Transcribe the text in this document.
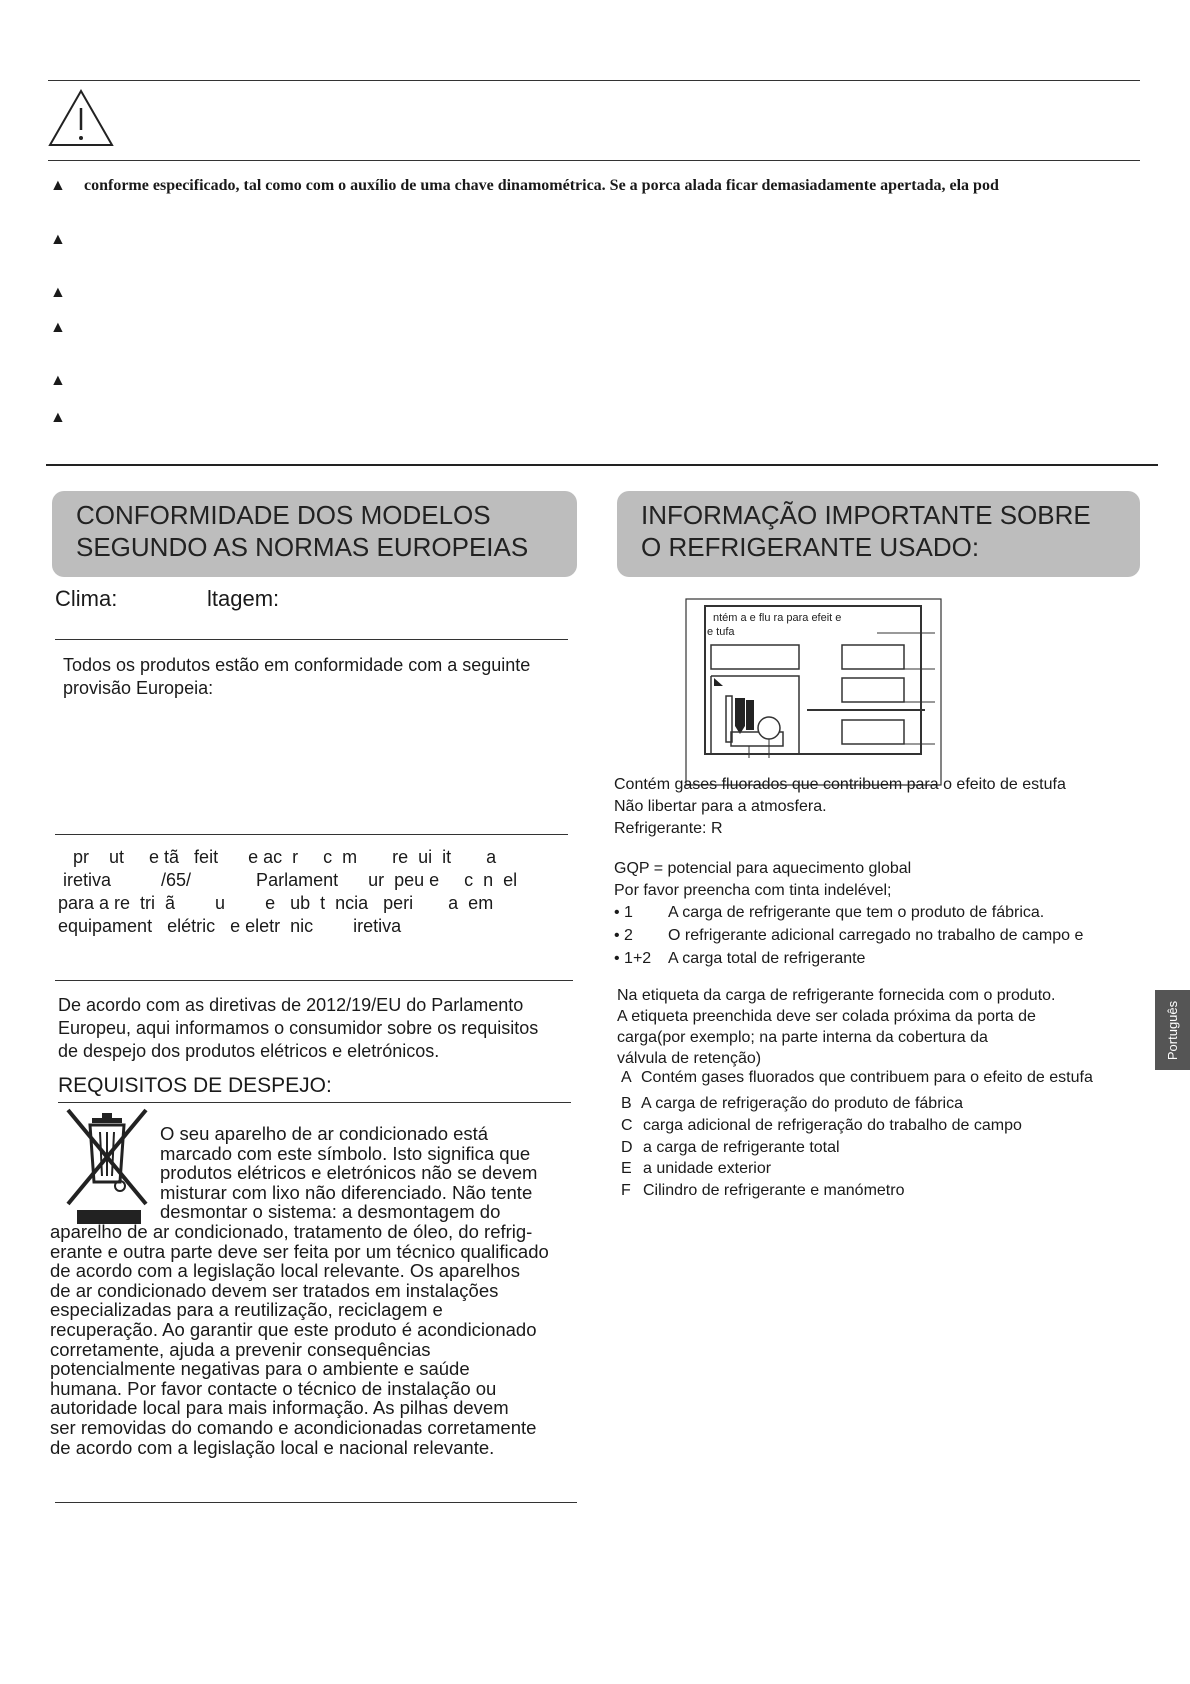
▲ conforme especificado, tal como com o auxílio de uma chave dinamométrica. Se a porca alada ficar demasiadamente apertada, ela pod
▲
▲
▲
▲
▲
CONFORMIDADE DOS MODELOS
SEGUNDO AS NORMAS EUROPEIAS
Clima:	ltagem:
Todos os produtos estão em conformidade com a seguinte
provisão Europeia:
pr    ut     e tã   feit      e ac  r     c  m       re  ui  it       a
iretiva          /65/             Parlament      ur  peu e     c  n  el
para a re  tri  ã        u        e   ub  t  ncia   peri       a  em
equipament   elétric   e eletr  nic        iretiva
De acordo com as diretivas de 2012/19/EU do Parlamento
Europeu, aqui informamos o consumidor sobre os requisitos
de despejo dos produtos elétricos e eletrónicos.
REQUISITOS DE DESPEJO:
O seu aparelho de ar condicionado está
marcado com este símbolo. Isto significa que
produtos elétricos e eletrónicos não se devem
misturar com lixo não diferenciado. Não tente
desmontar o sistema: a desmontagem do
aparelho de ar condicionado, tratamento de óleo, do refrig-
erante e outra parte deve ser feita por um técnico qualificado
de acordo com a legislação local relevante. Os aparelhos
de ar condicionado devem ser tratados em instalações
especializadas para a reutilização, reciclagem e
recuperação. Ao garantir que este produto é acondicionado
corretamente, ajuda a prevenir consequências
potencialmente negativas para o ambiente e saúde
humana. Por favor contacte o técnico de instalação ou
autoridade local para mais informação. As pilhas devem
ser removidas do comando e acondicionadas corretamente
de acordo com a legislação local e nacional relevante.
INFORMAÇÃO IMPORTANTE SOBRE
O REFRIGERANTE USADO:
ntém a e flu ra para efeit e
e tufa
Contém gases fluorados que contribuem para o efeito de estufa
Não libertar para a atmosfera.
Refrigerante: R
GQP = potencial para aquecimento global
Por favor preencha com tinta indelével;
• 1 A carga de refrigerante que tem o produto de fábrica.
• 2 O refrigerante adicional carregado no trabalho de campo e
• 1+2 A carga total de refrigerante
Na etiqueta da carga de refrigerante fornecida com o produto.
A etiqueta preenchida deve ser colada próxima da porta de
carga(por exemplo; na parte interna da cobertura da
válvula de retenção)
A Contém gases fluorados que contribuem para o efeito de estufa
B A carga de refrigeração do produto de fábrica
C carga adicional de refrigeração do trabalho de campo
D a carga de refrigerante total
E a unidade exterior
F Cilindro de refrigerante e manómetro
Português
